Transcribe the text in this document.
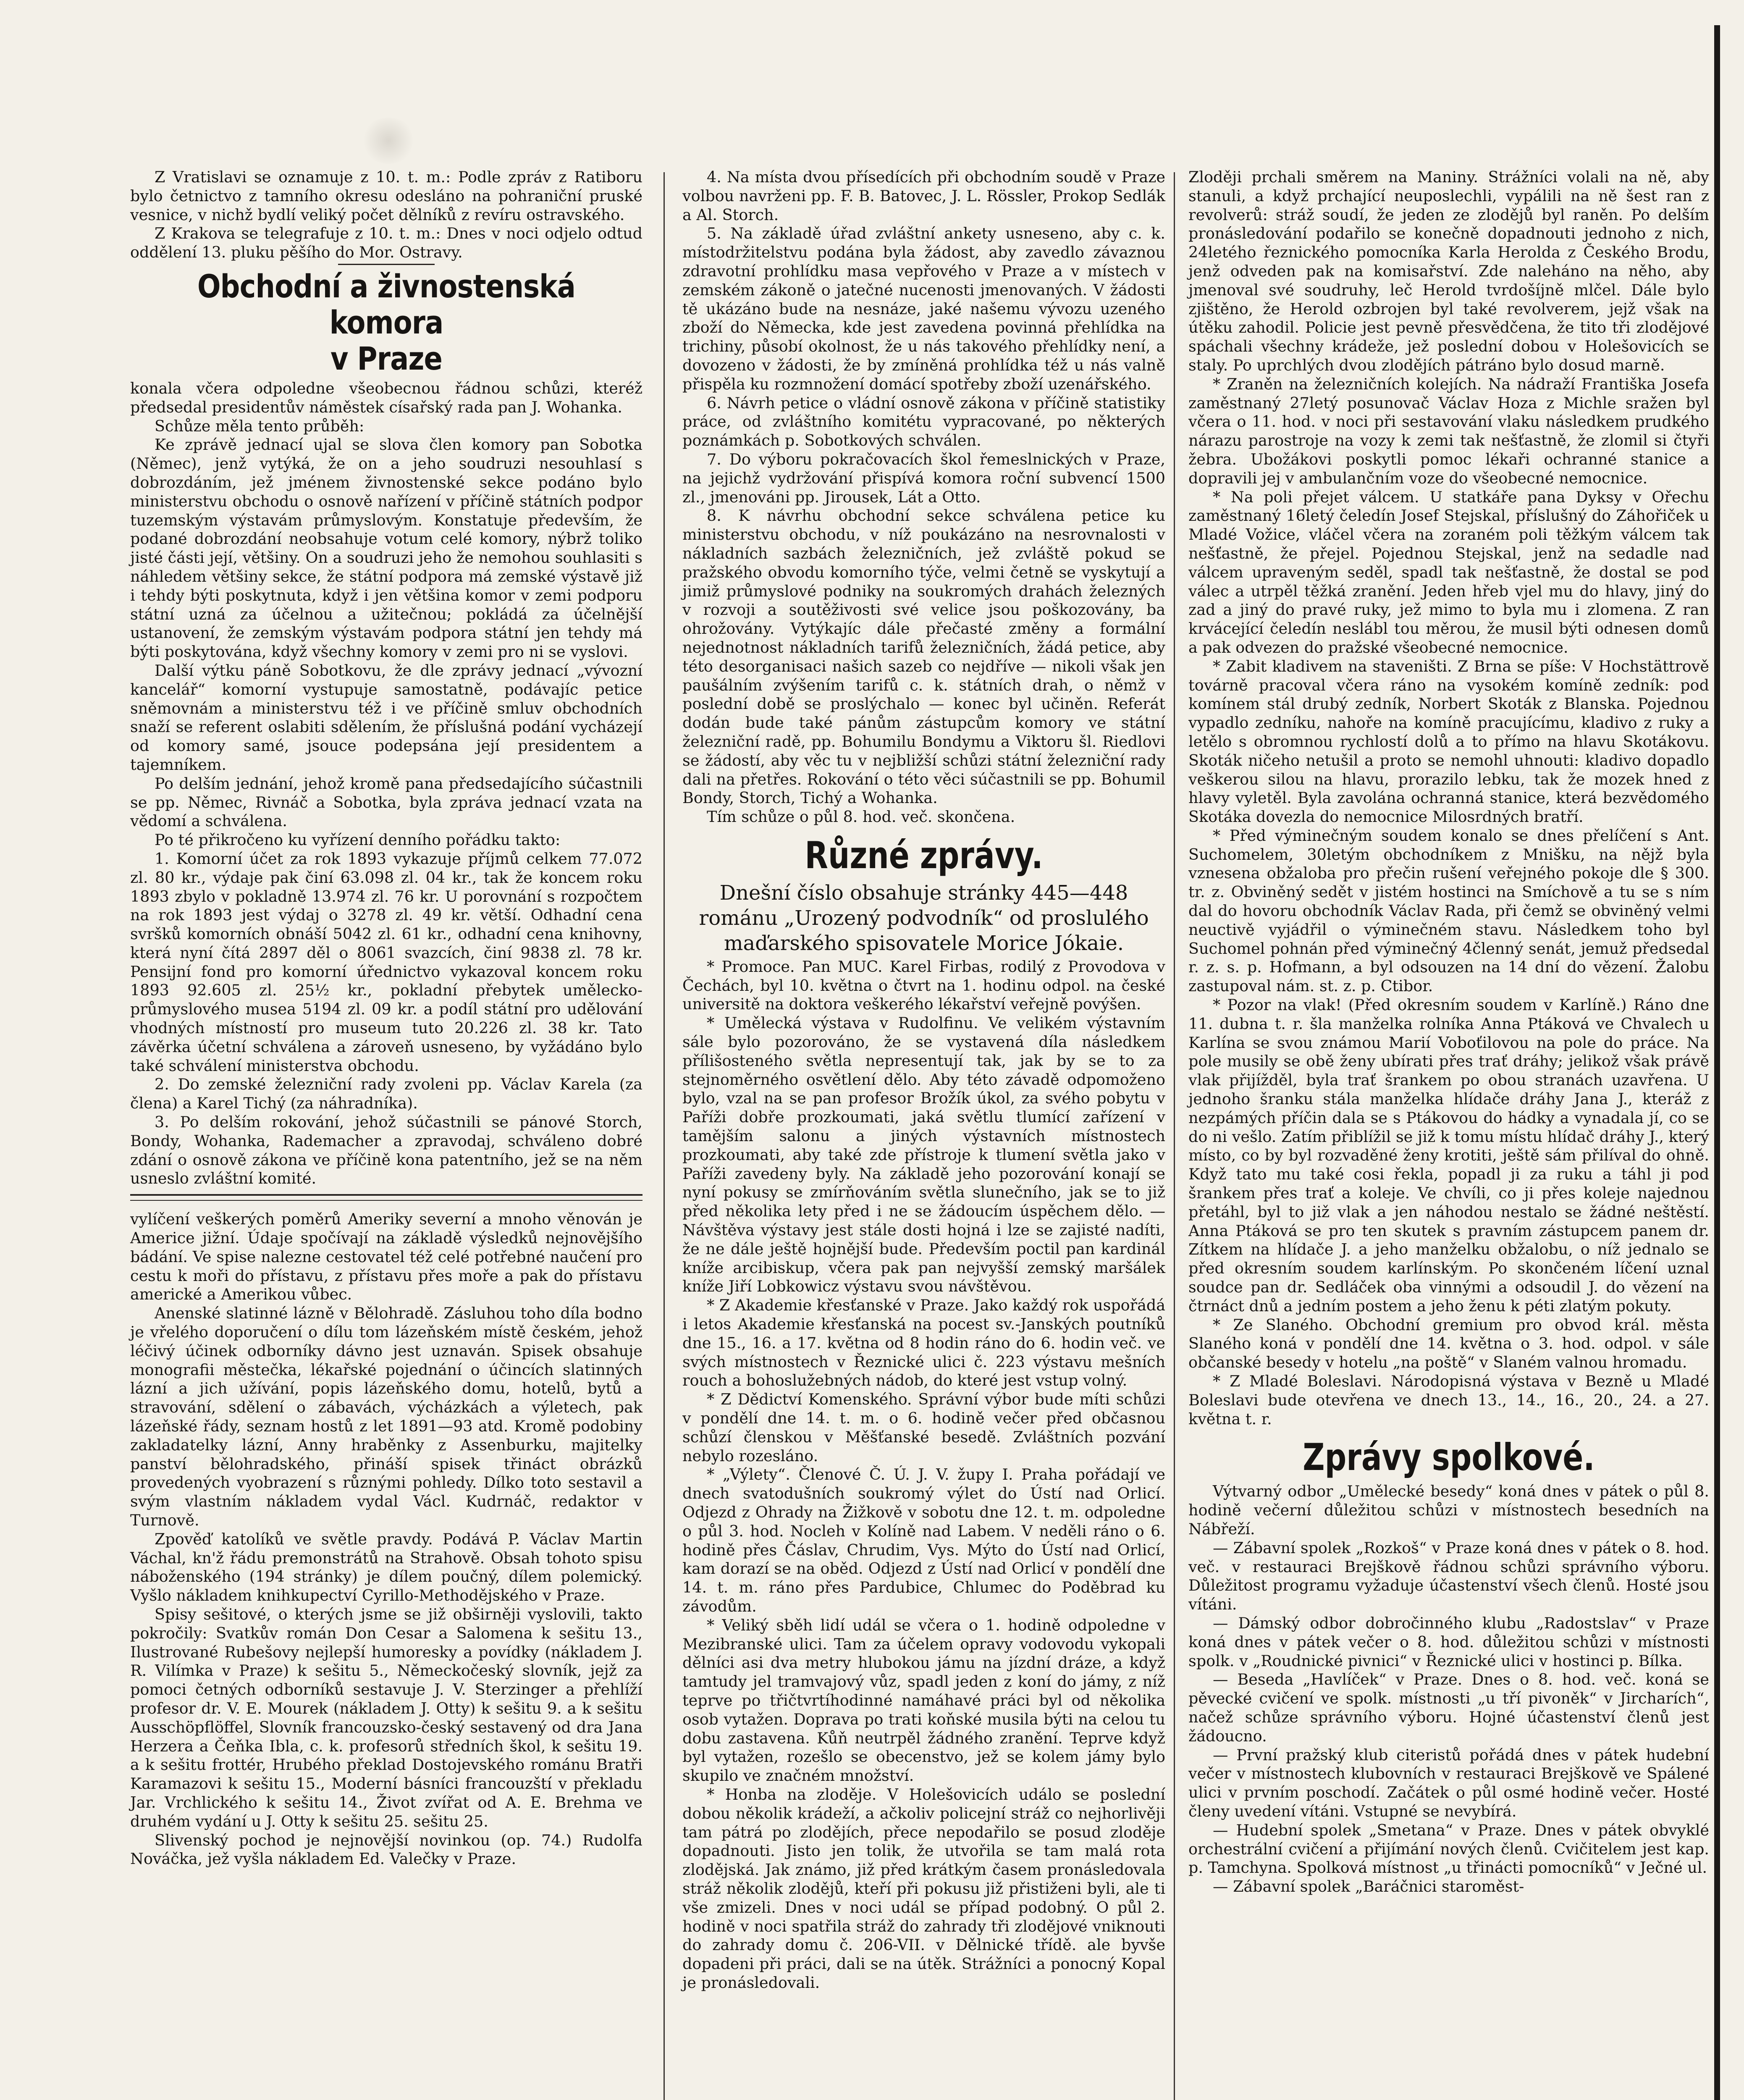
Z Vratislavi se oznamuje z 10. t. m.: Podle zpráv z Ratiboru bylo četnictvo z tamního okresu odesláno na pohraniční pruské vesnice, v nichž bydlí veliký počet dělníků z revíru ostravského.

Z Krakova se telegrafuje z 10. t. m.: Dnes v noci odjelo odtud oddělení 13. pluku pěšího do Mor. Ostravy.

Obchodní a živnostenská komora
v Praze

konala včera odpoledne všeobecnou řádnou schůzi, kteréž předsedal presidentův náměstek císařský rada pan J. Wohanka.

Schůze měla tento průběh:

Ke zprávě jednací ujal se slova člen komory pan Sobotka (Němec), jenž vytýká, že on a jeho soudruzi nesouhlasí s dobrozdáním, jež jménem živnostenské sekce podáno bylo ministerstvu obchodu o osnově nařízení v příčině státních podpor tuzemským výstavám průmyslovým. Konstatuje především, že podané dobrozdání neobsahuje votum celé komory, nýbrž toliko jisté části její, většiny. On a soudruzi jeho že nemohou souhlasiti s náhledem většiny sekce, že státní podpora má zemské výstavě již i tehdy býti poskytnuta, když i jen většina komor v zemi podporu státní uzná za účelnou a užitečnou; pokládá za účelnější ustanovení, že zemským výstavám podpora státní jen tehdy má býti poskytována, když všechny komory v zemi pro ni se vyslovi.

Další výtku páně Sobotkovu, že dle zprávy jednací „vývozní kancelář“ komorní vystupuje samostatně, podávajíc petice sněmovnám a ministerstvu též i ve příčině smluv obchodních snaží se referent oslabiti sdělením, že příslušná podání vycházejí od komory samé, jsouce podepsána její presidentem a tajemníkem.

Po delším jednání, jehož kromě pana předsedajícího súčastnili se pp. Němec, Rivnáč a Sobotka, byla zpráva jednací vzata na vědomí a schválena.

Po té přikročeno ku vyřízení denního pořádku takto:

1. Komorní účet za rok 1893 vykazuje příjmů celkem 77.072 zl. 80 kr., výdaje pak činí 63.098 zl. 04 kr., tak že koncem roku 1893 zbylo v pokladně 13.974 zl. 76 kr. U porovnání s rozpočtem na rok 1893 jest výdaj o 3278 zl. 49 kr. větší. Odhadní cena svršků komorních obnáší 5042 zl. 61 kr., odhadní cena knihovny, která nyní čítá 2897 děl o 8061 svazcích, činí 9838 zl. 78 kr. Pensijní fond pro komorní úřednictvo vykazoval koncem roku 1893 92.605 zl. 25½ kr., pokladní přebytek umělecko-průmyslového musea 5194 zl. 09 kr. a podíl státní pro udělování vhodných místností pro museum tuto 20.226 zl. 38 kr. Tato závěrka účetní schválena a zároveň usneseno, by vyžádáno bylo také schválení ministerstva obchodu.

2. Do zemské železniční rady zvoleni pp. Václav Karela (za člena) a Karel Tichý (za náhradníka).

3. Po delším rokování, jehož súčastnili se pánové Storch, Bondy, Wohanka, Rademacher a zpravodaj, schváleno dobré zdání o osnově zákona ve příčině kona patentního, jež se na něm usneslo zvláštní komité.

vylíčení veškerých poměrů Ameriky severní a mnoho věnován je Americe jižní. Údaje spočívají na základě výsledků nejnovějšího bádání. Ve spise nalezne cestovatel též celé potřebné naučení pro cestu k moři do přístavu, z přístavu přes moře a pak do přístavu americké a Amerikou vůbec.

Anenské slatinné lázně v Bělohradě. Zásluhou toho díla bodno je vřelého doporučení o dílu tom lázeňském místě českém, jehož léčivý účinek odborníky dávno jest uznaván. Spisek obsahuje monografii městečka, lékařské pojednání o účincích slatinných lázní a jich užívání, popis lázeňského domu, hotelů, bytů a stravování, sdělení o zábavách, výcházkách a výletech, pak lázeňské řády, seznam hostů z let 1891—93 atd. Kromě podobiny zakladatelky lázní, Anny hraběnky z Assenburku, majitelky panství bělohradského, přináší spisek třináct obrázků provedených vyobrazení s různými pohledy. Dílko toto sestavil a svým vlastním nákladem vydal Václ. Kudrnáč, redaktor v Turnově.

Zpověď katolíků ve světle pravdy. Podává P. Václav Martin Váchal, kn'ž řádu premonstrátů na Strahově. Obsah tohoto spisu náboženského (194 stránky) je dílem poučný, dílem polemický. Vyšlo nákladem knihkupectví Cyrillo-Methodějského v Praze.

Spisy sešitové, o kterých jsme se již obširněji vyslovili, takto pokročily: Svatkův román Don Cesar a Salomena k sešitu 13., Ilustrované Rubešovy nejlepší humoresky a povídky (nákladem J. R. Vilímka v Praze) k sešitu 5., Německočeský slovník, jejž za pomoci četných odborníků sestavuje J. V. Sterzinger a přehlíží profesor dr. V. E. Mourek (nákladem J. Otty) k sešitu 9. a k sešitu Ausschöpflöffel, Slovník francouzsko-český sestavený od dra Jana Herzera a Čeňka Ibla, c. k. profesorů středních škol, k sešitu 19. a k sešitu frottér, Hrubého překlad Dostojevského románu Bratři Karamazovi k sešitu 15., Moderní básníci francouzští v překladu Jar. Vrchlického k sešitu 14., Život zvířat od A. E. Brehma ve druhém vydání u J. Otty k sešitu 25. sešitu 25.

Slivenský pochod je nejnovější novinkou (op. 74.) Rudolfa Nováčka, jež vyšla nákladem Ed. Valečky v Praze.

4. Na místa dvou přísedících při obchodním soudě v Praze volbou navrženi pp. F. B. Batovec, J. L. Rössler, Prokop Sedlák a Al. Storch.

5. Na základě úřad zvláštní ankety usneseno, aby c. k. místodržitelstvu podána byla žádost, aby zavedlo závaznou zdravotní prohlídku masa vepřového v Praze a v místech v zemském zákoně o jatečné nucenosti jmenovaných. V žádosti tě ukázáno bude na nesnáze, jaké našemu vývozu uzeného zboží do Německa, kde jest zavedena povinná přehlídka na trichiny, působí okolnost, že u nás takového přehlídky není, a dovozeno v žádosti, že by zmíněná prohlídka též u nás valně přispěla ku rozmnožení domácí spotřeby zboží uzenářského.

6. Návrh petice o vládní osnově zákona v příčině statistiky práce, od zvláštního komitétu vypracované, po některých poznámkách p. Sobotkových schválen.

7. Do výboru pokračovacích škol řemeslnických v Praze, na jejichž vydržování přispívá komora roční subvencí 1500 zl., jmenováni pp. Jirousek, Lát a Otto.

8. K návrhu obchodní sekce schválena petice ku ministerstvu obchodu, v níž poukázáno na nesrovnalosti v nákladních sazbách železničních, jež zvláště pokud se pražského obvodu komorního týče, velmi četně se vyskytují a jimiž průmyslové podniky na soukromých drahách železných v rozvoji a soutěživosti své velice jsou poškozovány, ba ohrožovány. Vytýkajíc dále přečasté změny a formální nejednotnost nákladních tarifů železničních, žádá petice, aby této desorganisaci našich sazeb co nejdříve — nikoli však jen paušálním zvýšením tarifů c. k. státních drah, o němž v poslední době se proslýchalo — konec byl učiněn. Referát dodán bude také pánům zástupcům komory ve státní železniční radě, pp. Bohumilu Bondymu a Viktoru šl. Riedlovi se žádostí, aby věc tu v nejbližší schůzi státní železniční rady dali na přetřes. Rokování o této věci súčastnili se pp. Bohumil Bondy, Storch, Tichý a Wohanka.

Tím schůze o půl 8. hod. več. skončena.

Různé zprávy.

Dnešní číslo obsahuje stránky 445—448 románu „Urozený podvodník“ od proslulého maďarského spisovatele Morice Jókaie.

* Promoce. Pan MUC. Karel Firbas, rodilý z Provodova v Čechách, byl 10. května o čtvrt na 1. hodinu odpol. na české universitě na doktora veškerého lékařství veřejně povýšen.

* Umělecká výstava v Rudolfinu. Ve velikém výstavním sále bylo pozorováno, že se vystavená díla následkem přílišosteného světla nepresentují tak, jak by se to za stejnoměrného osvětlení dělo. Aby této závadě odpomoženo bylo, vzal na se pan profesor Brožík úkol, za svého pobytu v Paříži dobře prozkoumati, jaká světlu tlumící zařízení v tamějším salonu a jiných výstavních místnostech prozkoumati, aby také zde přístroje k tlumení světla jako v Paříži zavedeny byly. Na základě jeho pozorování konají se nyní pokusy se zmírňováním světla slunečního, jak se to již před několika lety před i ne se žádoucím úspěchem dělo. — Návštěva výstavy jest stále dosti hojná i lze se zajisté nadíti, že ne dále ještě hojnější bude. Především poctil pan kardinál kníže arcibiskup, včera pak pan nejvyšší zemský maršálek kníže Jiří Lobkowicz výstavu svou návštěvou.

* Z Akademie křesťanské v Praze. Jako každý rok uspořádá i letos Akademie křesťanská na pocest sv.-Janských poutníků dne 15., 16. a 17. května od 8 hodin ráno do 6. hodin več. ve svých místnostech v Řeznické ulici č. 223 výstavu mešních rouch a bohoslužebných nádob, do které jest vstup volný.

* Z Dědictví Komenského. Správní výbor bude míti schůzi v pondělí dne 14. t. m. o 6. hodině večer před občasnou schůzí členskou v Měšťanské besedě. Zvláštních pozvání nebylo rozesláno.

* „Výlety“. Členové Č. Ú. J. V. župy I. Praha pořádají ve dnech svatodušních soukromý výlet do Ústí nad Orlicí. Odjezd z Ohrady na Žižkově v sobotu dne 12. t. m. odpoledne o půl 3. hod. Nocleh v Kolíně nad Labem. V neděli ráno o 6. hodině přes Čáslav, Chrudim, Vys. Mýto do Ústí nad Orlicí, kam dorazí se na oběd. Odjezd z Ústí nad Orlicí v pondělí dne 14. t. m. ráno přes Pardubice, Chlumec do Poděbrad ku závodům.

* Veliký sběh lidí udál se včera o 1. hodině odpoledne v Mezibranské ulici. Tam za účelem opravy vodovodu vykopali dělníci asi dva metry hlubokou jámu na jízdní dráze, a když tamtudy jel tramvajový vůz, spadl jeden z koní do jámy, z níž teprve po třičtvrtíhodinné namáhavé práci byl od několika osob vytažen. Doprava po trati koňské musila býti na celou tu dobu zastavena. Kůň neutrpěl žádného zranění. Teprve když byl vytažen, rozešlo se obecenstvo, jež se kolem jámy bylo skupilo ve značném množství.

* Honba na zloděje. V Holešovicích událo se poslední dobou několik krádeží, a ačkoliv policejní stráž co nejhorlivěji tam pátrá po zlodějích, přece nepodařilo se posud zloděje dopadnouti. Jisto jen tolik, že utvořila se tam malá rota zlodějská. Jak známo, již před krátkým časem pronásledovala stráž několik zlodějů, kteří při pokusu již přistiženi byli, ale ti vše zmizeli. Dnes v noci udál se případ podobný. O půl 2. hodině v noci spatřila stráž do zahrady tři zlodějové vniknouti do zahrady domu č. 206-VII. v Dělnické třídě. ale byvše dopadeni při práci, dali se na útěk. Strážníci a ponocný Kopal je pronásledovali.

Zloději prchali směrem na Maniny. Strážníci volali na ně, aby stanuli, a když prchající neuposlechli, vypálili na ně šest ran z revolverů: stráž soudí, že jeden ze zlodějů byl raněn. Po delším pronásledování podařilo se konečně dopadnouti jednoho z nich, 24letého řeznického pomocníka Karla Herolda z Českého Brodu, jenž odveden pak na komisařství. Zde naleháno na něho, aby jmenoval své soudruhy, leč Herold tvrdošíjně mlčel. Dále bylo zjištěno, že Herold ozbrojen byl také revolverem, jejž však na útěku zahodil. Policie jest pevně přesvědčena, že tito tři zlodějové spáchali všechny krádeže, jež poslední dobou v Holešovicích se staly. Po uprchlých dvou zlodějích pátráno bylo dosud marně.

* Zraněn na železničních kolejích. Na nádraží Františka Josefa zaměstnaný 27letý posunovač Václav Hoza z Michle sražen byl včera o 11. hod. v noci při sestavování vlaku následkem prudkého nárazu parostroje na vozy k zemi tak nešťastně, že zlomil si čtyři žebra. Ubožákovi poskytli pomoc lékaři ochranné stanice a dopravili jej v ambulančním voze do všeobecné nemocnice.

* Na poli přejet válcem. U statkáře pana Dyksy v Ořechu zaměstnaný 16letý čeledín Josef Stejskal, příslušný do Záhořiček u Mladé Vožice, vláčel včera na zoraném poli těžkým válcem tak nešťastně, že přejel. Pojednou Stejskal, jenž na sedadle nad válcem upraveným seděl, spadl tak nešťastně, že dostal se pod válec a utrpěl těžká zranění. Jeden hřeb vjel mu do hlavy, jiný do zad a jiný do pravé ruky, jež mimo to byla mu i zlomena. Z ran krvácející čeledín neslábl tou měrou, že musil býti odnesen domů a pak odvezen do pražské všeobecné nemocnice.

* Zabit kladivem na staveništi. Z Brna se píše: V Hochstättrově továrně pracoval včera ráno na vysokém komíně zedník: pod komínem stál drubý zedník, Norbert Skoták z Blanska. Pojednou vypadlo zedníku, nahoře na komíně pracujícímu, kladivo z ruky a letělo s obromnou rychlostí dolů a to přímo na hlavu Skotákovu. Skoták ničeho netušil a proto se nemohl uhnouti: kladivo dopadlo veškerou silou na hlavu, prorazilo lebku, tak že mozek hned z hlavy vyletěl. Byla zavolána ochranná stanice, která bezvědomého Skotáka dovezla do nemocnice Milosrdných bratří.

* Před výminečným soudem konalo se dnes přelíčení s Ant. Suchomelem, 30letým obchodníkem z Mnišku, na nějž byla vznesena obžaloba pro přečin rušení veřejného pokoje dle § 300. tr. z. Obviněný sedět v jistém hostinci na Smíchově a tu se s ním dal do hovoru obchodník Václav Rada, při čemž se obviněný velmi neuctivě vyjádřil o výminečném stavu. Následkem toho byl Suchomel pohnán před výminečný 4členný senát, jemuž předsedal r. z. s. p. Hofmann, a byl odsouzen na 14 dní do vězení. Žalobu zastupoval nám. st. z. p. Ctibor.

* Pozor na vlak! (Před okresním soudem v Karlíně.) Ráno dne 11. dubna t. r. šla manželka rolníka Anna Ptáková ve Chvalech u Karlína se svou známou Marií Voboťilovou na pole do práce. Na pole musily se obě ženy ubírati přes trať dráhy; jelikož však právě vlak přijížděl, byla trať šrankem po obou stranách uzavřena. U jednoho šranku stála manželka hlídače dráhy Jana J., kteráž z nezpámých příčin dala se s Ptákovou do hádky a vynadala jí, co se do ni vešlo. Zatím přiblížil se již k tomu místu hlídač dráhy J., který místo, co by byl rozvaděné ženy krotiti, ještě sám přilíval do ohně. Když tato mu také cosi řekla, popadl ji za ruku a táhl ji pod šrankem přes trať a koleje. Ve chvíli, co ji přes koleje najednou přetáhl, byl to již vlak a jen náhodou nestalo se žádné neštěstí. Anna Ptáková se pro ten skutek s pravním zástupcem panem dr. Zítkem na hlídače J. a jeho manželku obžalobu, o níž jednalo se před okresním soudem karlínským. Po skončeném líčení uznal soudce pan dr. Sedláček oba vinnými a odsoudil J. do vězení na čtrnáct dnů a jedním postem a jeho ženu k péti zlatým pokuty.

* Ze Slaného. Obchodní gremium pro obvod král. města Slaného koná v pondělí dne 14. května o 3. hod. odpol. v sále občanské besedy v hotelu „na poště“ v Slaném valnou hromadu.

* Z Mladé Boleslavi. Národopisná výstava v Bezně u Mladé Boleslavi bude otevřena ve dnech 13., 14., 16., 20., 24. a 27. května t. r.

Zprávy spolkové.

Výtvarný odbor „Umělecké besedy“ koná dnes v pátek o půl 8. hodině večerní důležitou schůzi v místnostech besedních na Nábřeží.

— Zábavní spolek „Rozkoš“ v Praze koná dnes v pátek o 8. hod. več. v restauraci Brejškově řádnou schůzi správního výboru. Důležitost programu vyžaduje účastenství všech členů. Hosté jsou vítáni.

— Dámský odbor dobročinného klubu „Radostslav“ v Praze koná dnes v pátek večer o 8. hod. důležitou schůzi v místnosti spolk. v „Roudnické pivnici“ v Řeznické ulici v hostinci p. Bílka.

— Beseda „Havlíček“ v Praze. Dnes o 8. hod. več. koná se pěvecké cvičení ve spolk. místnosti „u tří pivoněk“ v Jircharích“, načež schůze správního výboru. Hojné účastenství členů jest žádoucno.

— První pražský klub citeristů pořádá dnes v pátek hudební večer v místnostech klubovních v restauraci Brejškově ve Spálené ulici v prvním poschodí. Začátek o půl osmé hodině večer. Hosté členy uvedení vítáni. Vstupné se nevybírá.

— Hudební spolek „Smetana“ v Praze. Dnes v pátek obvyklé orchestrální cvičení a přijímání nových členů. Cvičitelem jest kap. p. Tamchyna. Spolková místnost „u třinácti pomocníků“ v Ječné ul.

— Zábavní spolek „Baráčnici staroměst-
